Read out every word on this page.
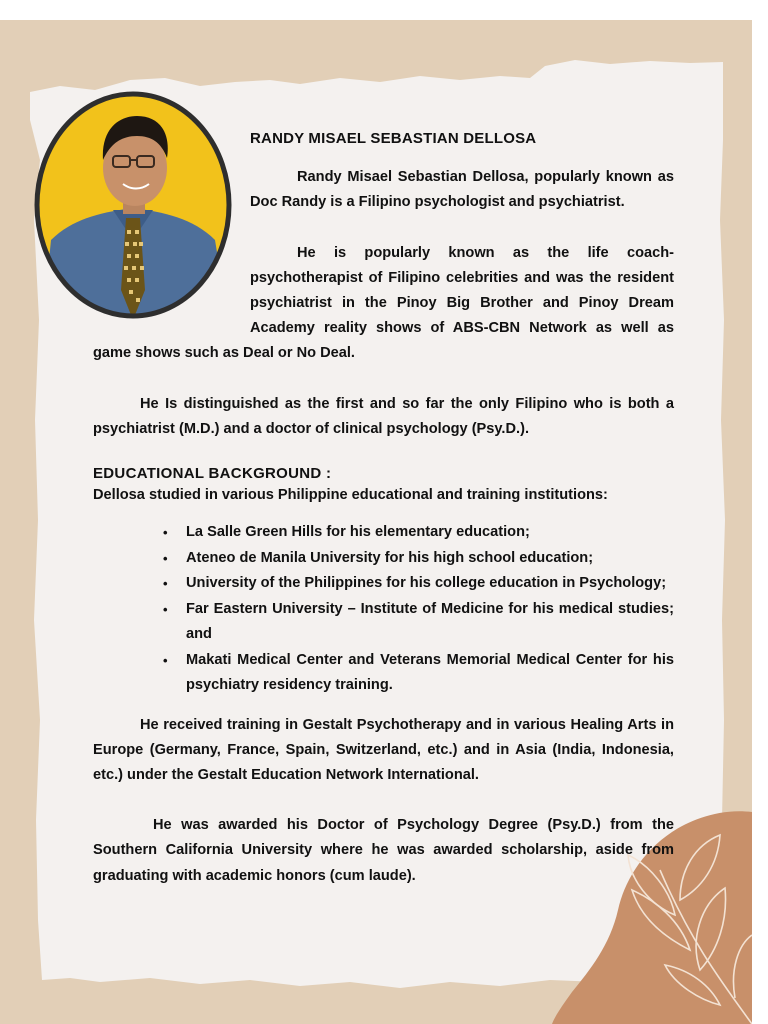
RANDY MISAEL SEBASTIAN DELLOSA

Randy Misael Sebastian Dellosa, popularly known as Doc Randy is a Filipino psychologist and psychiatrist.

He is popularly known as the life coach-psychotherapist of Filipino celebrities and was the resident psychiatrist in the Pinoy Big Brother and Pinoy Dream Academy reality shows of ABS-CBN Network as well as game shows such as Deal or No Deal.

He Is distinguished as the first and so far the only Filipino who is both a psychiatrist (M.D.) and a doctor of clinical psychology (Psy.D.).

EDUCATIONAL BACKGROUND :

Dellosa studied in various Philippine educational and training institutions:

• La Salle Green Hills for his elementary education;
• Ateneo de Manila University for his high school education;
• University of the Philippines for his college education in Psychology;
• Far Eastern University – Institute of Medicine for his medical studies; and
• Makati Medical Center and Veterans Memorial Medical Center for his psychiatry residency training.

He received training in Gestalt Psychotherapy and in various Healing Arts in Europe (Germany, France, Spain, Switzerland, etc.) and in Asia (India, Indonesia, etc.) under the Gestalt Education Network International.

He was awarded his Doctor of Psychology Degree (Psy.D.) from the Southern California University where he was awarded scholarship, aside from graduating with academic honors (cum laude).
